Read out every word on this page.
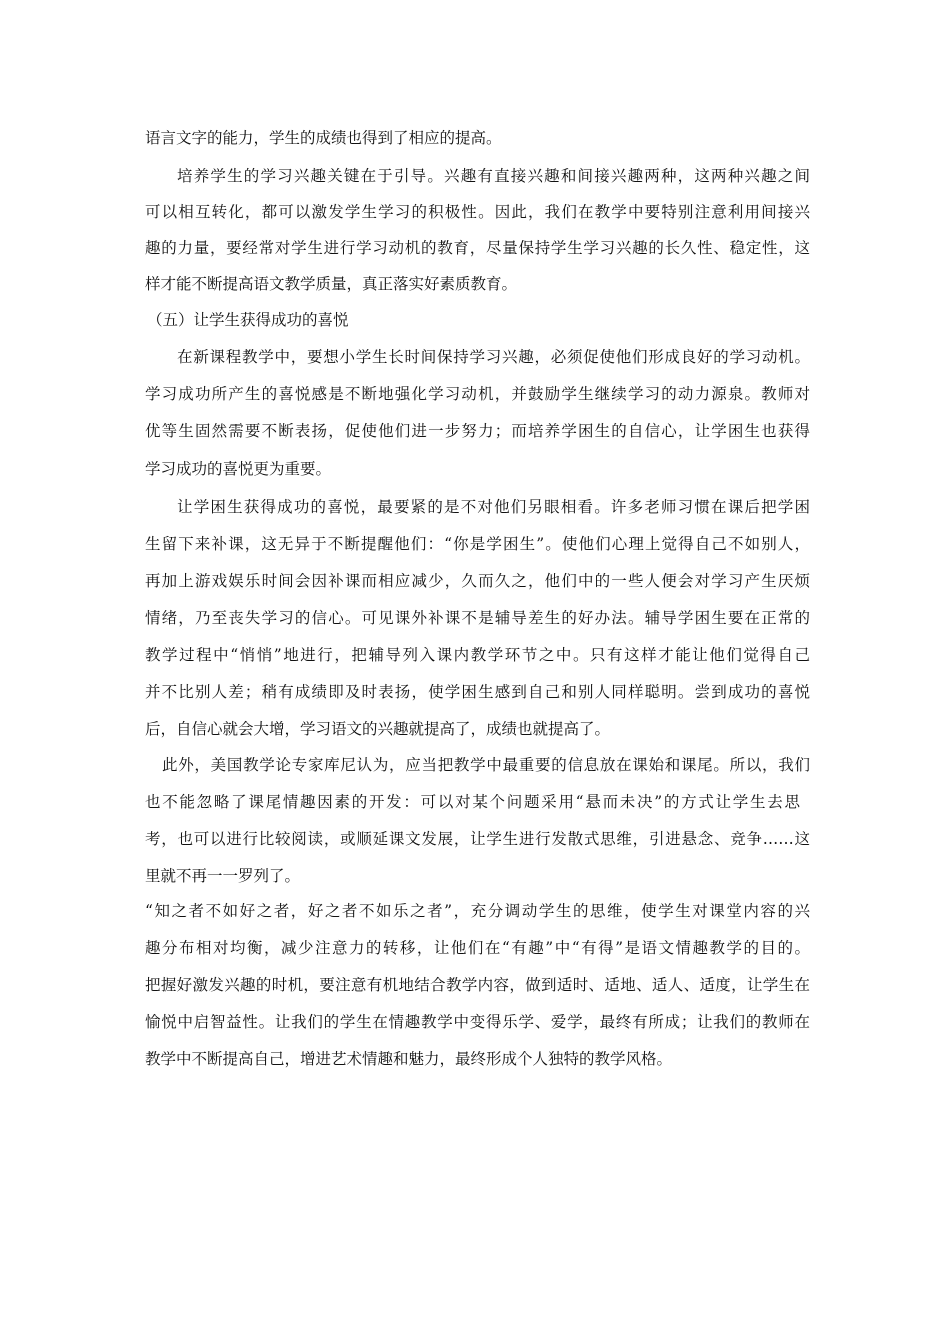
语言文字的能力，学生的成绩也得到了相应的提高。
培养学生的学习兴趣关键在于引导。兴趣有直接兴趣和间接兴趣两种，这两种兴趣之间
可以相互转化，都可以激发学生学习的积极性。因此，我们在教学中要特别注意利用间接兴
趣的力量，要经常对学生进行学习动机的教育，尽量保持学生学习兴趣的长久性、稳定性，这
样才能不断提高语文教学质量，真正落实好素质教育。
（五）让学生获得成功的喜悦
在新课程教学中，要想小学生长时间保持学习兴趣，必须促使他们形成良好的学习动机。
学习成功所产生的喜悦感是不断地强化学习动机，并鼓励学生继续学习的动力源泉。教师对
优等生固然需要不断表扬，促使他们进一步努力；而培养学困生的自信心，让学困生也获得
学习成功的喜悦更为重要。
让学困生获得成功的喜悦，最要紧的是不对他们另眼相看。许多老师习惯在课后把学困
生留下来补课，这无异于不断提醒他们：“你是学困生”。使他们心理上觉得自己不如别人，
再加上游戏娱乐时间会因补课而相应减少，久而久之，他们中的一些人便会对学习产生厌烦
情绪，乃至丧失学习的信心。可见课外补课不是辅导差生的好办法。辅导学困生要在正常的
教学过程中“悄悄”地进行，把辅导列入课内教学环节之中。只有这样才能让他们觉得自己
并不比别人差；稍有成绩即及时表扬，使学困生感到自己和别人同样聪明。尝到成功的喜悦
后，自信心就会大增，学习语文的兴趣就提高了，成绩也就提高了。
此外，美国教学论专家库尼认为，应当把教学中最重要的信息放在课始和课尾。所以，我们
也不能忽略了课尾情趣因素的开发：可以对某个问题采用“悬而未决”的方式让学生去思
考，也可以进行比较阅读，或顺延课文发展，让学生进行发散式思维，引进悬念、竞争……这
里就不再一一罗列了。
“知之者不如好之者，好之者不如乐之者”，充分调动学生的思维，使学生对课堂内容的兴
趣分布相对均衡，减少注意力的转移，让他们在“有趣”中“有得”是语文情趣教学的目的。
把握好激发兴趣的时机，要注意有机地结合教学内容，做到适时、适地、适人、适度，让学生在
愉悦中启智益性。让我们的学生在情趣教学中变得乐学、爱学，最终有所成；让我们的教师在
教学中不断提高自己，增进艺术情趣和魅力，最终形成个人独特的教学风格。
